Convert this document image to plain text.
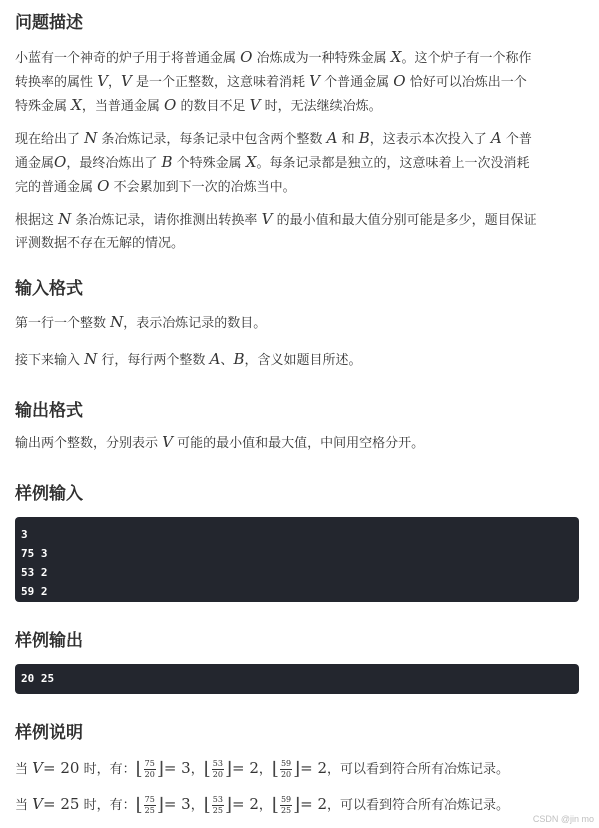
问题描述
小蓝有一个神奇的炉子用于将普通金属 O 冶炼成为一种特殊金属 X。这个炉子有一个称作
转换率的属性 V，V 是一个正整数，这意味着消耗 V 个普通金属 O 恰好可以冶炼出一个
特殊金属 X，当普通金属 O 的数目不足 V 时，无法继续冶炼。
现在给出了 N 条冶炼记录，每条记录中包含两个整数 A 和 B，这表示本次投入了 A 个普
通金属O，最终冶炼出了 B 个特殊金属 X。每条记录都是独立的，这意味着上一次没消耗
完的普通金属 O 不会累加到下一次的冶炼当中。
根据这 N 条冶炼记录，请你推测出转换率 V 的最小值和最大值分别可能是多少，题目保证
评测数据不存在无解的情况。
输入格式
第一行一个整数 N，表示冶炼记录的数目。
接下来输入 N 行，每行两个整数 A、B，含义如题目所述。
输出格式
输出两个整数，分别表示 V 可能的最小值和最大值，中间用空格分开。
样例输入
3
75 3
53 2
59 2
样例输出
20 25
样例说明
当 V= 20 时，有：⌊ $\frac{75}{20}$ ⌋= 3，⌊ $\frac{53}{20}$ ⌋= 2，⌊ $\frac{59}{20}$ ⌋= 2，可以看到符合所有冶炼记录。
当 V= 25 时，有：⌊ $\frac{75}{25}$ ⌋= 3，⌊ $\frac{53}{25}$ ⌋= 2，⌊ $\frac{59}{25}$ ⌋= 2，可以看到符合所有冶炼记录。
CSDN @jin mo
